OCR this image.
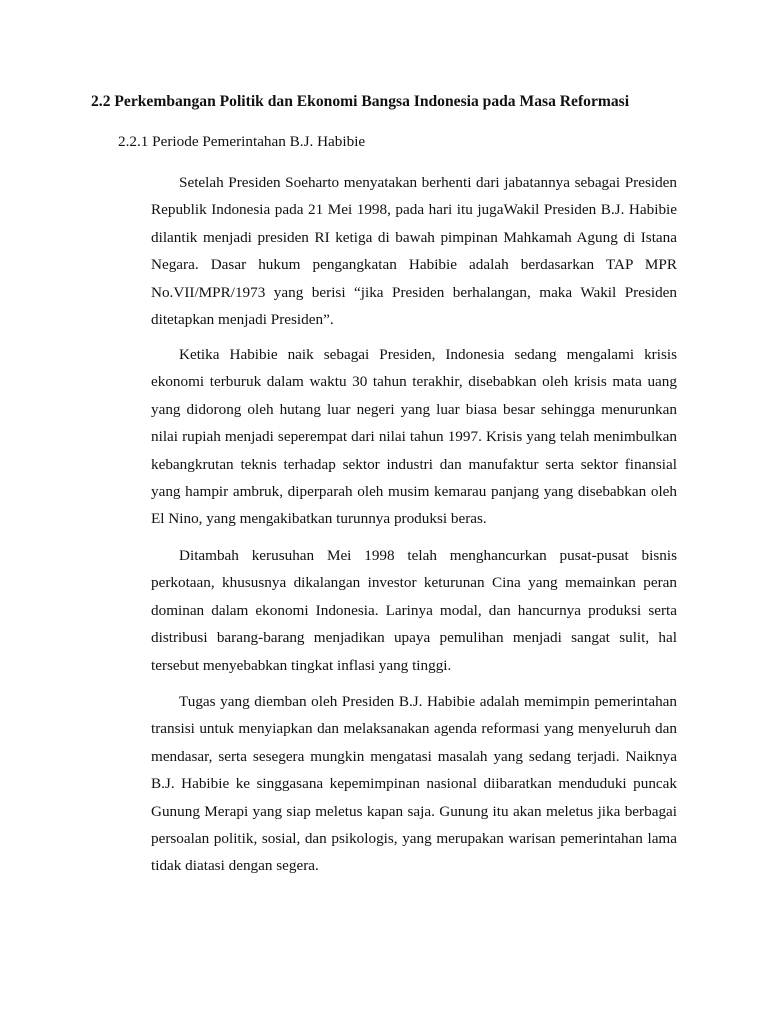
2.2 Perkembangan Politik dan Ekonomi Bangsa Indonesia pada Masa Reformasi
2.2.1 Periode Pemerintahan B.J. Habibie

Setelah Presiden Soeharto menyatakan berhenti dari jabatannya sebagai Presiden Republik Indonesia pada 21 Mei 1998, pada hari itu jugaWakil Presiden B.J. Habibie dilantik menjadi presiden RI ketiga di bawah pimpinan Mahkamah Agung di Istana Negara. Dasar hukum pengangkatan Habibie adalah berdasarkan TAP MPR No.VII/MPR/1973 yang berisi “jika Presiden berhalangan, maka Wakil Presiden ditetapkan menjadi Presiden”.

Ketika Habibie naik sebagai Presiden, Indonesia sedang mengalami krisis ekonomi terburuk dalam waktu 30 tahun terakhir, disebabkan oleh krisis mata uang yang didorong oleh hutang luar negeri yang luar biasa besar sehingga menurunkan nilai rupiah menjadi seperempat dari nilai tahun 1997. Krisis yang telah menimbulkan kebangkrutan teknis terhadap sektor industri dan manufaktur serta sektor finansial yang hampir ambruk, diperparah oleh musim kemarau panjang yang disebabkan oleh El Nino, yang mengakibatkan turunnya produksi beras.

Ditambah kerusuhan Mei 1998 telah menghancurkan pusat-pusat bisnis perkotaan, khususnya dikalangan investor keturunan Cina yang memainkan peran dominan dalam ekonomi Indonesia. Larinya modal, dan hancurnya produksi serta distribusi barang-barang menjadikan upaya pemulihan menjadi sangat sulit, hal tersebut menyebabkan tingkat inflasi yang tinggi.

Tugas yang diemban oleh Presiden B.J. Habibie adalah memimpin pemerintahan transisi untuk menyiapkan dan melaksanakan agenda reformasi yang menyeluruh dan mendasar, serta sesegera mungkin mengatasi masalah yang sedang terjadi. Naiknya B.J. Habibie ke singgasana kepemimpinan nasional diibaratkan menduduki puncak Gunung Merapi yang siap meletus kapan saja. Gunung itu akan meletus jika berbagai persoalan politik, sosial, dan psikologis, yang merupakan warisan pemerintahan lama tidak diatasi dengan segera.
